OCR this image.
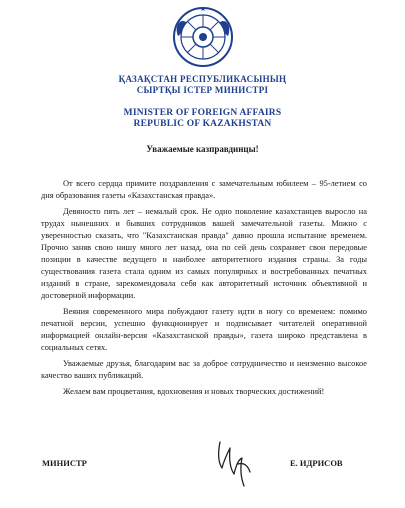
ҚАЗАҚСТАН РЕСПУБЛИКАСЫНЫҢ

СЫРТҚЫ ІСТЕР МИНИСТРІ

MINISTER OF FOREIGN AFFAIRS

REPUBLIC OF KAZAKHSTAN

Уважаемые казправдинцы!

От всего сердца примите поздравления с замечательным юбилеем – 95-летием со дня образования газеты «Казахстанская правда».

Девяносто пять лет – немалый срок. Не одно поколение казахстанцев выросло на трудах нынешних и бывших сотрудников вашей замечательной газеты. Можно с уверенностью сказать, что "Казахстанская правда" давно прошла испытание временем. Прочно заняв свою нишу много лет назад, она по сей день сохраняет свои передовые позиции в качестве ведущего и наиболее авторитетного издания страны. За годы существования газета стала одним из самых популярных и востребованных печатных изданий в стране, зарекомендовала себя как авторитетный источник объективной и достоверной информации.

Веяния современного мира побуждают газету идти в ногу со временем: помимо печатной версии, успешно функционирует и подписывает читателей оперативной информацией онлайн-версия «Казахстанской правды», газета широко представлена в социальных сетях.

Уважаемые друзья, благодарим вас за доброе сотрудничество и неизменно высокое качество ваших публикаций.

Желаем вам процветания, вдохновения и новых творческих достижений!

МИНИСТР	Е. ИДРИСОВ
